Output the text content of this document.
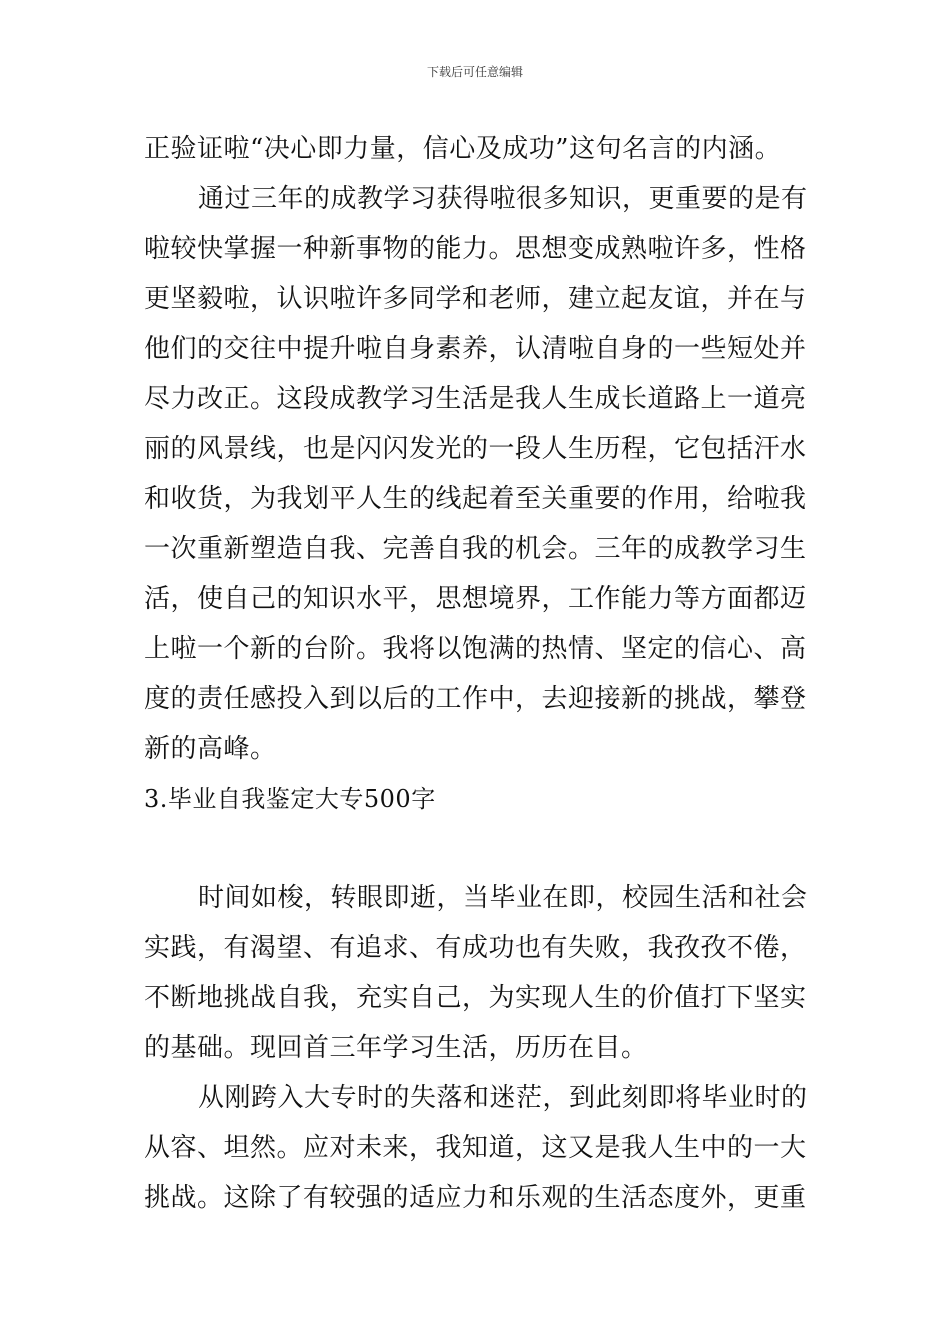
下载后可任意编辑
正验证啦“决心即力量，信心及成功”这句名言的内涵。
通过三年的成教学习获得啦很多知识，更重要的是有
啦较快掌握一种新事物的能力。思想变成熟啦许多，性格
更坚毅啦，认识啦许多同学和老师，建立起友谊，并在与
他们的交往中提升啦自身素养，认清啦自身的一些短处并
尽力改正。这段成教学习生活是我人生成长道路上一道亮
丽的风景线，也是闪闪发光的一段人生历程，它包括汗水
和收货，为我划平人生的线起着至关重要的作用，给啦我
一次重新塑造自我、完善自我的机会。三年的成教学习生
活，使自己的知识水平，思想境界，工作能力等方面都迈
上啦一个新的台阶。我将以饱满的热情、坚定的信心、高
度的责任感投入到以后的工作中，去迎接新的挑战，攀登
新的高峰。
3.毕业自我鉴定大专500字
时间如梭，转眼即逝，当毕业在即，校园生活和社会
实践，有渴望、有追求、有成功也有失败，我孜孜不倦，
不断地挑战自我，充实自己，为实现人生的价值打下坚实
的基础。现回首三年学习生活，历历在目。
从刚跨入大专时的失落和迷茫，到此刻即将毕业时的
从容、坦然。应对未来，我知道，这又是我人生中的一大
挑战。这除了有较强的适应力和乐观的生活态度外，更重
